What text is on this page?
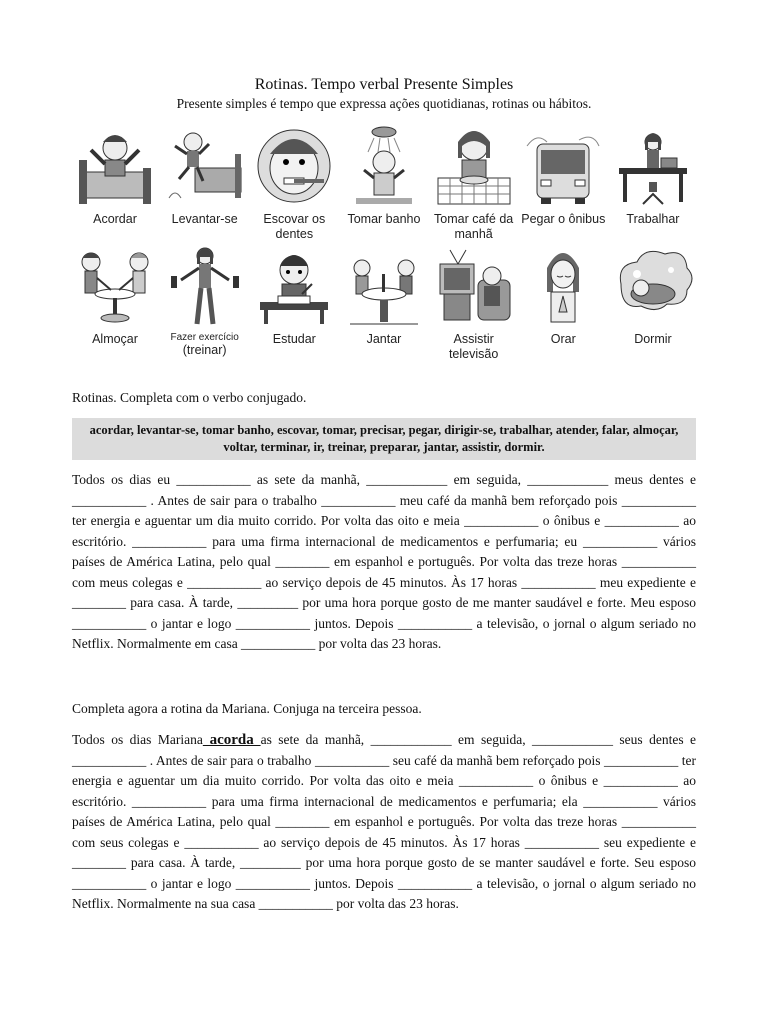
Rotinas. Tempo verbal Presente Simples
Presente simples é tempo que expressa ações quotidianas, rotinas ou hábitos.
Acordar	Levantar-se	Escovar os dentes
Tomar banho Tomar café da manhã
Pegar o ônibus Trabalhar
Almoçar	Fazer exercício
(treinar)
Estudar	Jantar	Assistir televisão
Orar	Dormir
Rotinas. Completa com o verbo conjugado.
acordar, levantar-se, tomar banho, escovar, tomar, precisar, pegar, dirigir-se, trabalhar, atender, falar, almoçar, voltar, terminar, ir, treinar, preparar, jantar, assistir, dormir.
Todos os dias eu ___________ as sete da manhã, ____________ em seguida, ____________ meus dentes e ___________ . Antes de sair para o trabalho ___________ meu café da manhã bem reforçado pois ___________ ter energia e aguentar um dia muito corrido. Por volta das oito e meia ___________ o ônibus e ___________ ao escritório. ___________ para uma firma internacional de medicamentos e perfumaria; eu ___________ vários países de América Latina, pelo qual ________ em espanhol e português. Por volta das treze horas ___________ com meus colegas e ___________ ao serviço depois de 45 minutos. Às 17 horas ___________ meu expediente e ________ para casa. À tarde, _________ por uma hora porque gosto de me manter saudável e forte. Meu esposo ___________ o jantar e logo ___________ juntos. Depois ___________ a televisão, o jornal o algum seriado no Netflix. Normalmente em casa ___________ por volta das 23 horas.
Completa agora a rotina da Mariana. Conjuga na terceira pessoa.
Todos os dias Mariana acorda as sete da manhã, ____________ em seguida, ____________ seus dentes e ___________ . Antes de sair para o trabalho ___________ seu café da manhã bem reforçado pois ___________ ter energia e aguentar um dia muito corrido. Por volta das oito e meia ___________ o ônibus e ___________ ao escritório. ___________ para uma firma internacional de medicamentos e perfumaria; ela ___________ vários países de América Latina, pelo qual ________ em espanhol e português. Por volta das treze horas ___________ com seus colegas e ___________ ao serviço depois de 45 minutos. Às 17 horas ___________ seu expediente e ________ para casa. À tarde, _________ por uma hora porque gosto de se manter saudável e forte. Seu esposo ___________ o jantar e logo ___________ juntos. Depois ___________ a televisão, o jornal o algum seriado no Netflix. Normalmente na sua casa ___________ por volta das 23 horas.
